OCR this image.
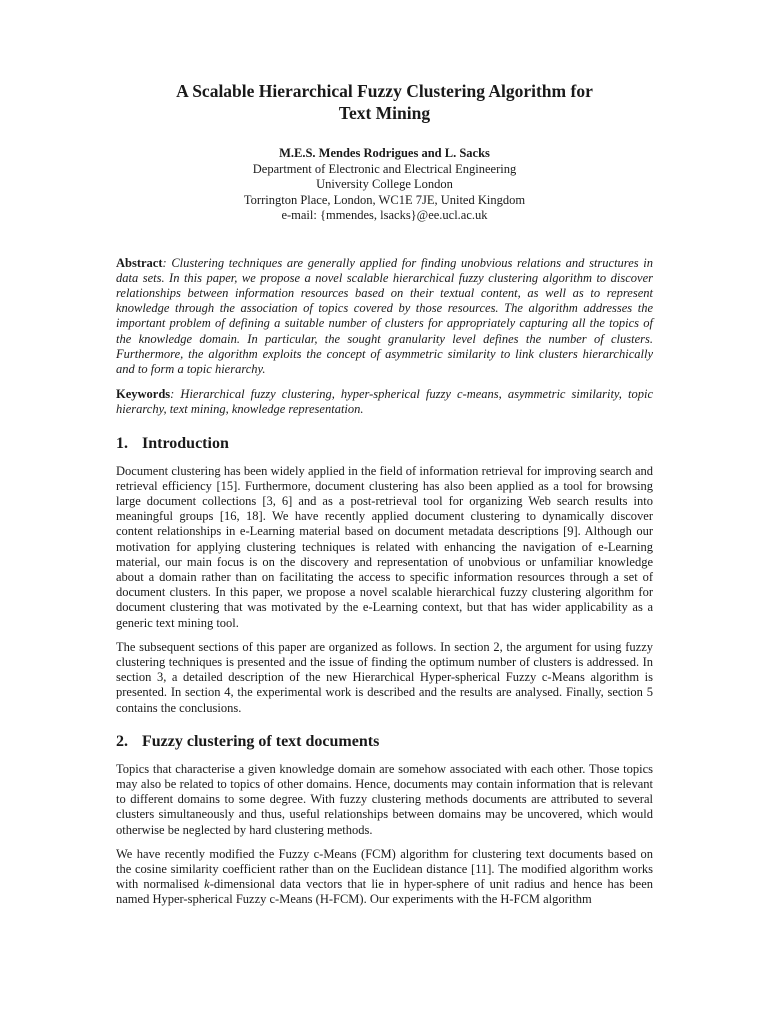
A Scalable Hierarchical Fuzzy Clustering Algorithm for
Text Mining

M.E.S. Mendes Rodrigues and L. Sacks

Department of Electronic and Electrical Engineering

University College London

Torrington Place, London, WC1E 7JE, United Kingdom

e-mail: {mmendes, lsacks}@ee.ucl.ac.uk

Abstract: Clustering techniques are generally applied for finding unobvious relations and structures in data sets. In this paper, we propose a novel scalable hierarchical fuzzy clustering algorithm to discover relationships between information resources based on their textual content, as well as to represent knowledge through the association of topics covered by those resources. The algorithm addresses the important problem of defining a suitable number of clusters for appropriately capturing all the topics of the knowledge domain. In particular, the sought granularity level defines the number of clusters. Furthermore, the algorithm exploits the concept of asymmetric similarity to link clusters hierarchically and to form a topic hierarchy.
Keywords: Hierarchical fuzzy clustering, hyper-spherical fuzzy c-means, asymmetric similarity, topic hierarchy, text mining, knowledge representation.
1. Introduction

Document clustering has been widely applied in the field of information retrieval for improving search and retrieval efficiency [15]. Furthermore, document clustering has also been applied as a tool for browsing large document collections [3, 6] and as a post-retrieval tool for organizing Web search results into meaningful groups [16, 18]. We have recently applied document clustering to dynamically discover content relationships in e-Learning material based on document metadata descriptions [9]. Although our motivation for applying clustering techniques is related with enhancing the navigation of e-Learning material, our main focus is on the discovery and representation of unobvious or unfamiliar knowledge about a domain rather than on facilitating the access to specific information resources through a set of document clusters. In this paper, we propose a novel scalable hierarchical fuzzy clustering algorithm for document clustering that was motivated by the e-Learning context, but that has wider applicability as a generic text mining tool.

The subsequent sections of this paper are organized as follows. In section 2, the argument for using fuzzy clustering techniques is presented and the issue of finding the optimum number of clusters is addressed. In section 3, a detailed description of the new Hierarchical Hyper-spherical Fuzzy c-Means algorithm is presented. In section 4, the experimental work is described and the results are analysed. Finally, section 5 contains the conclusions.

2. Fuzzy clustering of text documents

Topics that characterise a given knowledge domain are somehow associated with each other. Those topics may also be related to topics of other domains. Hence, documents may contain information that is relevant to different domains to some degree. With fuzzy clustering methods documents are attributed to several clusters simultaneously and thus, useful relationships between domains may be uncovered, which would otherwise be neglected by hard clustering methods.

We have recently modified the Fuzzy c-Means (FCM) algorithm for clustering text documents based on the cosine similarity coefficient rather than on the Euclidean distance [11]. The modified algorithm works with normalised k-dimensional data vectors that lie in hyper-sphere of unit radius and hence has been named Hyper-spherical Fuzzy c-Means (H-FCM). Our experiments with the H-FCM algorithm
